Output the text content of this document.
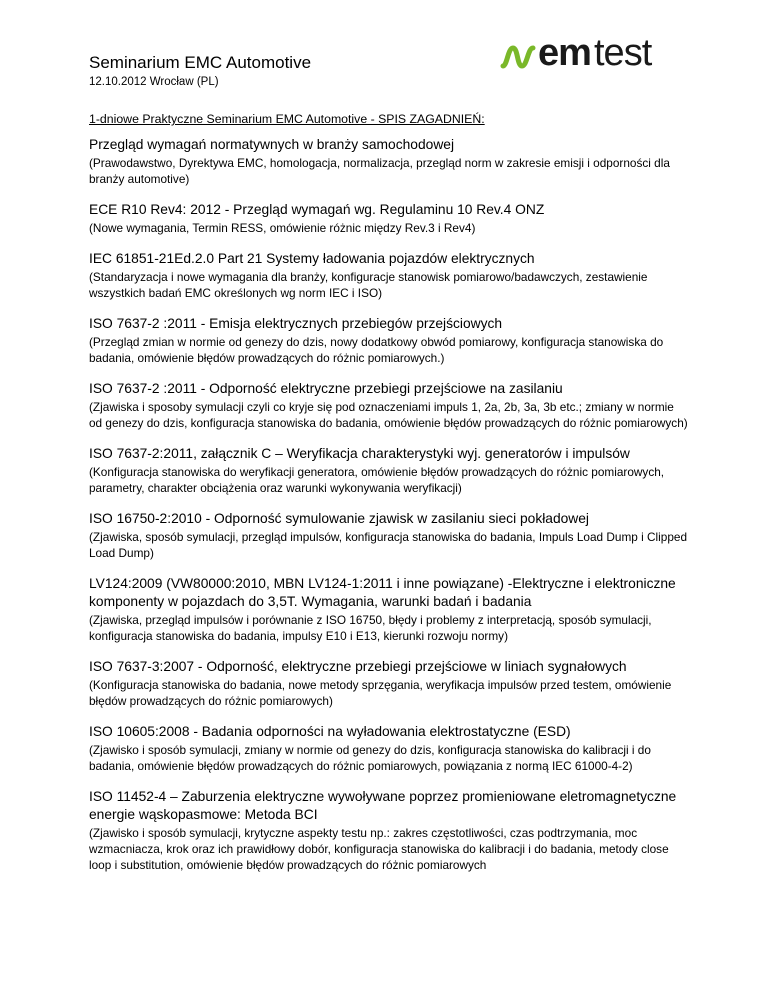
Seminarium EMC Automotive
12.10.2012 Wrocław (PL)
em test
1-dniowe Praktyczne Seminarium EMC Automotive - SPIS ZAGADNIEŃ:
Przegląd wymagań normatywnych w branży samochodowej
(Prawodawstwo, Dyrektywa EMC, homologacja, normalizacja, przegląd norm w zakresie emisji i odporności dla branży automotive)
ECE R10 Rev4: 2012 - Przegląd wymagań wg. Regulaminu 10 Rev.4 ONZ
(Nowe wymagania, Termin RESS, omówienie różnic między Rev.3 i Rev4)
IEC 61851-21Ed.2.0 Part 21 Systemy ładowania pojazdów elektrycznych
(Standaryzacja i nowe wymagania dla branży, konfiguracje stanowisk pomiarowo/badawczych, zestawienie wszystkich badań EMC określonych wg norm IEC i ISO)
ISO 7637-2 :2011 - Emisja elektrycznych przebiegów przejściowych
(Przegląd zmian w normie od genezy do dzis, nowy dodatkowy obwód pomiarowy, konfiguracja stanowiska do badania, omówienie błędów prowadzących do różnic pomiarowych.)
ISO 7637-2 :2011 - Odporność elektryczne przebiegi przejściowe na zasilaniu
(Zjawiska i sposoby symulacji czyli co kryje się pod oznaczeniami impuls 1, 2a, 2b, 3a, 3b etc.; zmiany w normie od genezy do dzis, konfiguracja stanowiska do badania, omówienie błędów prowadzących do różnic pomiarowych)
ISO 7637-2:2011, załącznik C – Weryfikacja charakterystyki wyj. generatorów i impulsów
(Konfiguracja stanowiska do weryfikacji generatora, omówienie błędów prowadzących do różnic pomiarowych, parametry, charakter obciążenia oraz warunki wykonywania weryfikacji)
ISO 16750-2:2010 - Odporność symulowanie zjawisk w zasilaniu sieci pokładowej
(Zjawiska, sposób symulacji, przegląd impulsów, konfiguracja stanowiska do badania, Impuls Load Dump i Clipped Load Dump)
LV124:2009 (VW80000:2010, MBN LV124-1:2011 i inne powiązane) -Elektryczne i elektroniczne komponenty w pojazdach do 3,5T. Wymagania, warunki badań i badania
(Zjawiska, przegląd impulsów i porównanie z ISO 16750, błędy i problemy z interpretacją, sposób symulacji, konfiguracja stanowiska do badania, impulsy E10 i E13, kierunki rozwoju normy)
ISO 7637-3:2007 - Odporność, elektryczne przebiegi przejściowe w liniach sygnałowych
(Konfiguracja stanowiska do badania, nowe metody sprzęgania, weryfikacja impulsów przed testem, omówienie błędów prowadzących do różnic pomiarowych)
ISO 10605:2008 - Badania odporności na wyładowania elektrostatyczne (ESD)
(Zjawisko i sposób symulacji, zmiany w normie od genezy do dzis, konfiguracja stanowiska do kalibracji i do badania, omówienie błędów prowadzących do różnic pomiarowych, powiązania z normą IEC 61000-4-2)
ISO 11452-4 – Zaburzenia elektryczne wywoływane poprzez promieniowane eletromagnetyczne energie wąskopasmowe: Metoda BCI
(Zjawisko i sposób symulacji, krytyczne aspekty testu np.: zakres częstotliwości, czas podtrzymania, moc wzmacniacza, krok oraz ich prawidłowy dobór, konfiguracja stanowiska do kalibracji i do badania, metody close loop i substitution, omówienie błędów prowadzących do różnic pomiarowych
